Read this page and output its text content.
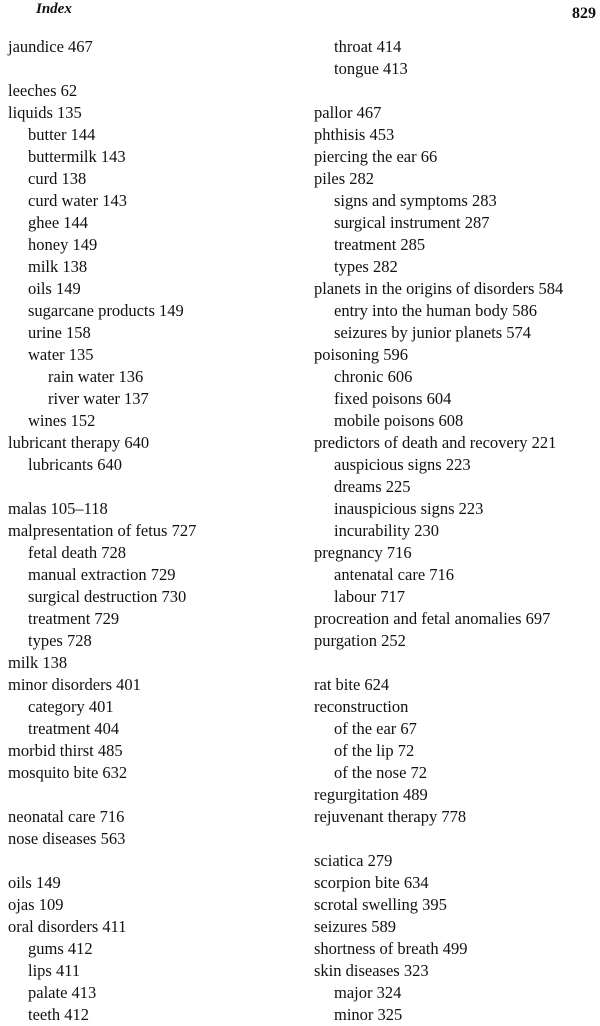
Index	829
jaundice 467
leeches 62
liquids 135
butter 144
buttermilk 143
curd 138
curd water 143
ghee 144
honey 149
milk 138
oils 149
sugarcane products 149
urine 158
water 135
rain water 136
river water 137
wines 152
lubricant therapy 640
lubricants 640
malas 105–118
malpresentation of fetus 727
fetal death 728
manual extraction 729
surgical destruction 730
treatment 729
types 728
milk 138
minor disorders 401
category 401
treatment 404
morbid thirst 485
mosquito bite 632
neonatal care 716
nose diseases 563
oils 149
ojas 109
oral disorders 411
gums 412
lips 411
palate 413
teeth 412
throat 414
tongue 413
pallor 467
phthisis 453
piercing the ear 66
piles 282
signs and symptoms 283
surgical instrument 287
treatment 285
types 282
planets in the origins of disorders 584
entry into the human body 586
seizures by junior planets 574
poisoning 596
chronic 606
fixed poisons 604
mobile poisons 608
predictors of death and recovery 221
auspicious signs 223
dreams 225
inauspicious signs 223
incurability 230
pregnancy 716
antenatal care 716
labour 717
procreation and fetal anomalies 697
purgation 252
rat bite 624
reconstruction
of the ear 67
of the lip 72
of the nose 72
regurgitation 489
rejuvenant therapy 778
sciatica 279
scorpion bite 634
scrotal swelling 395
seizures 589
shortness of breath 499
skin diseases 323
major 324
minor 325
